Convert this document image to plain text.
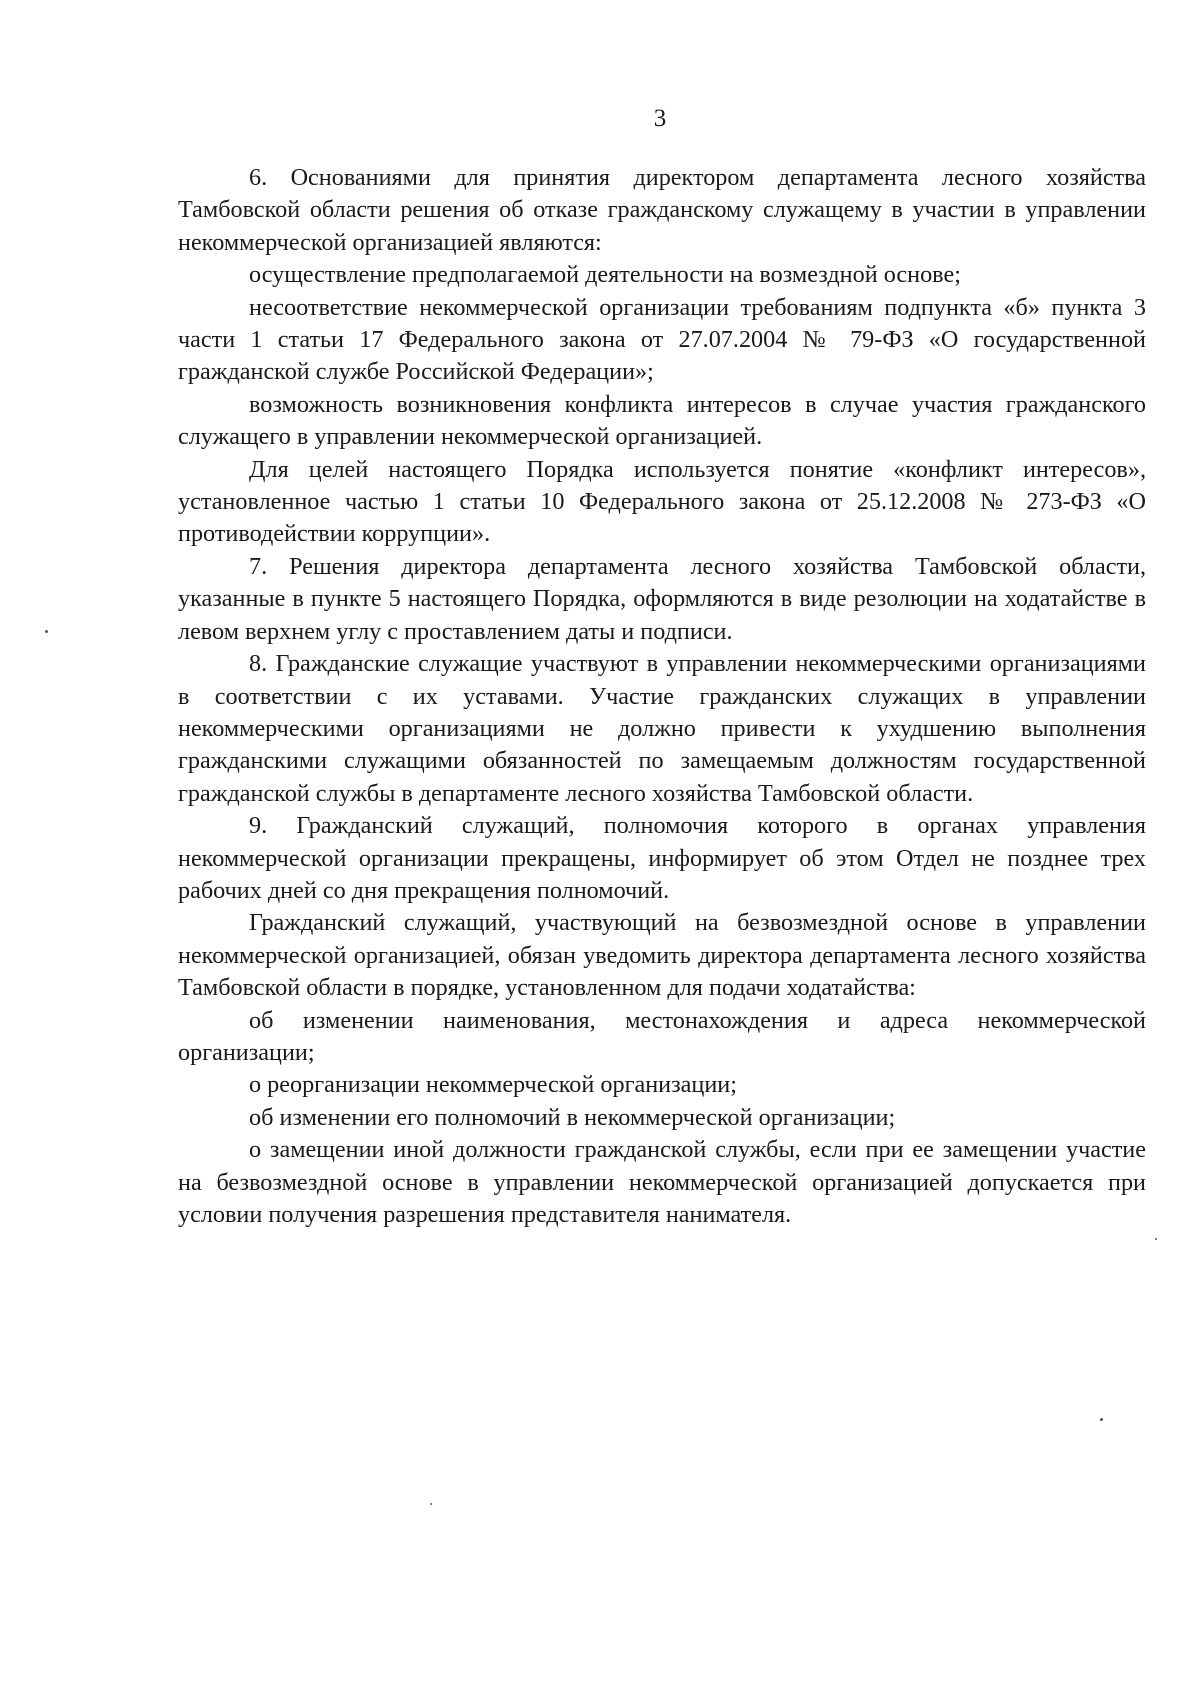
3

6. Основаниями для принятия директором департамента лесного хозяйства Тамбовской области решения об отказе гражданскому служащему в участии в управлении некоммерческой организацией являются:

осуществление предполагаемой деятельности на возмездной основе;

несоответствие некоммерческой организации требованиям подпункта «б» пункта 3 части 1 статьи 17 Федерального закона от 27.07.2004 № 79-ФЗ «О государственной гражданской службе Российской Федерации»;

возможность возникновения конфликта интересов в случае участия гражданского служащего в управлении некоммерческой организацией.

Для целей настоящего Порядка используется понятие «конфликт интересов», установленное частью 1 статьи 10 Федерального закона от 25.12.2008 № 273-ФЗ «О противодействии коррупции».

7. Решения директора департамента лесного хозяйства Тамбовской области, указанные в пункте 5 настоящего Порядка, оформляются в виде резолюции на ходатайстве в левом верхнем углу с проставлением даты и подписи.

8. Гражданские служащие участвуют в управлении некоммерческими организациями в соответствии с их уставами. Участие гражданских служащих в управлении некоммерческими организациями не должно привести к ухудшению выполнения гражданскими служащими обязанностей по замещаемым должностям государственной гражданской службы в департаменте лесного хозяйства Тамбовской области.

9. Гражданский служащий, полномочия которого в органах управления некоммерческой организации прекращены, информирует об этом Отдел не позднее трех рабочих дней со дня прекращения полномочий.

Гражданский служащий, участвующий на безвозмездной основе в управлении некоммерческой организацией, обязан уведомить директора департамента лесного хозяйства Тамбовской области в порядке, установленном для подачи ходатайства:

об изменении наименования, местонахождения и адреса некоммерческой организации;

о реорганизации некоммерческой организации;

об изменении его полномочий в некоммерческой организации;

о замещении иной должности гражданской службы, если при ее замещении участие на безвозмездной основе в управлении некоммерческой организацией допускается при условии получения разрешения представителя нанимателя.
